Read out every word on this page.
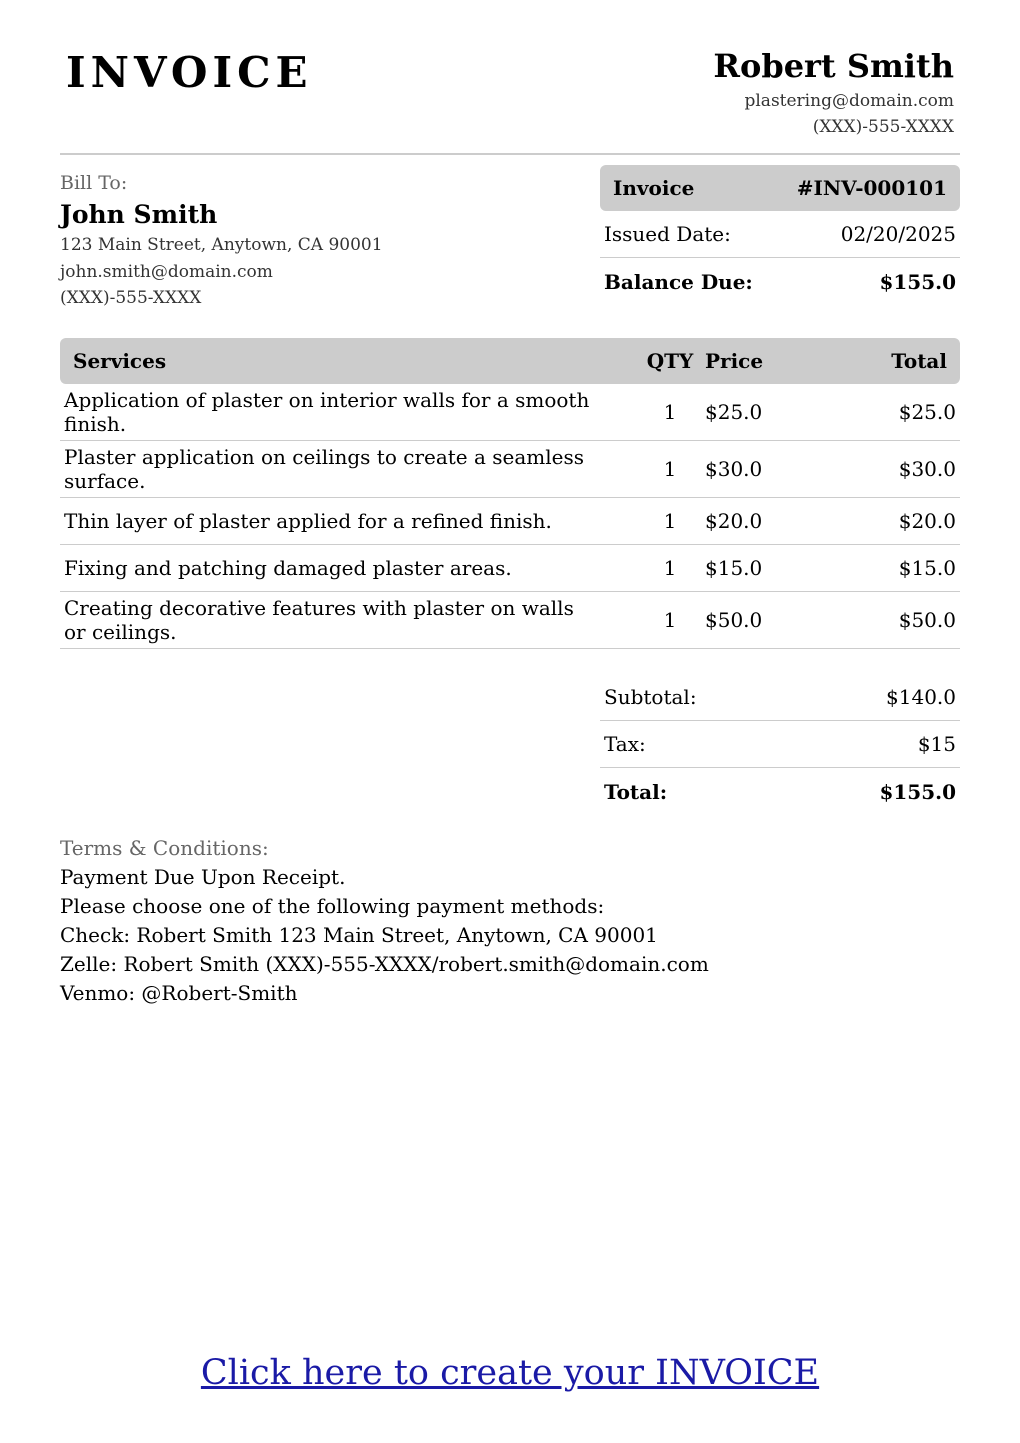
INVOICE	Robert Smith
plastering@domain.com
(XXX)-555-XXXX
Bill To:
John Smith
123 Main Street, Anytown, CA 90001
john.smith@domain.com
(XXX)-555-XXXX
Invoice	#INV-000101
Issued Date:	02/20/2025
Balance Due:	$155.0
Services	QTY Price	Total
Application of plaster on interior walls for a smooth finish.	1	$25.0	$25.0
Plaster application on ceilings to create a seamless surface.	1	$30.0	$30.0
Thin layer of plaster applied for a refined finish.	1	$20.0	$20.0
Fixing and patching damaged plaster areas.	1	$15.0	$15.0
Creating decorative features with plaster on walls or ceilings.	1	$50.0	$50.0
Subtotal:	$140.0
Tax:	$15
Total:	$155.0
Terms & Conditions:
Payment Due Upon Receipt.
Please choose one of the following payment methods:
Check: Robert Smith 123 Main Street, Anytown, CA 90001
Zelle: Robert Smith (XXX)-555-XXXX/robert.smith@domain.com
Venmo: @Robert-Smith
Click here to create your INVOICE
